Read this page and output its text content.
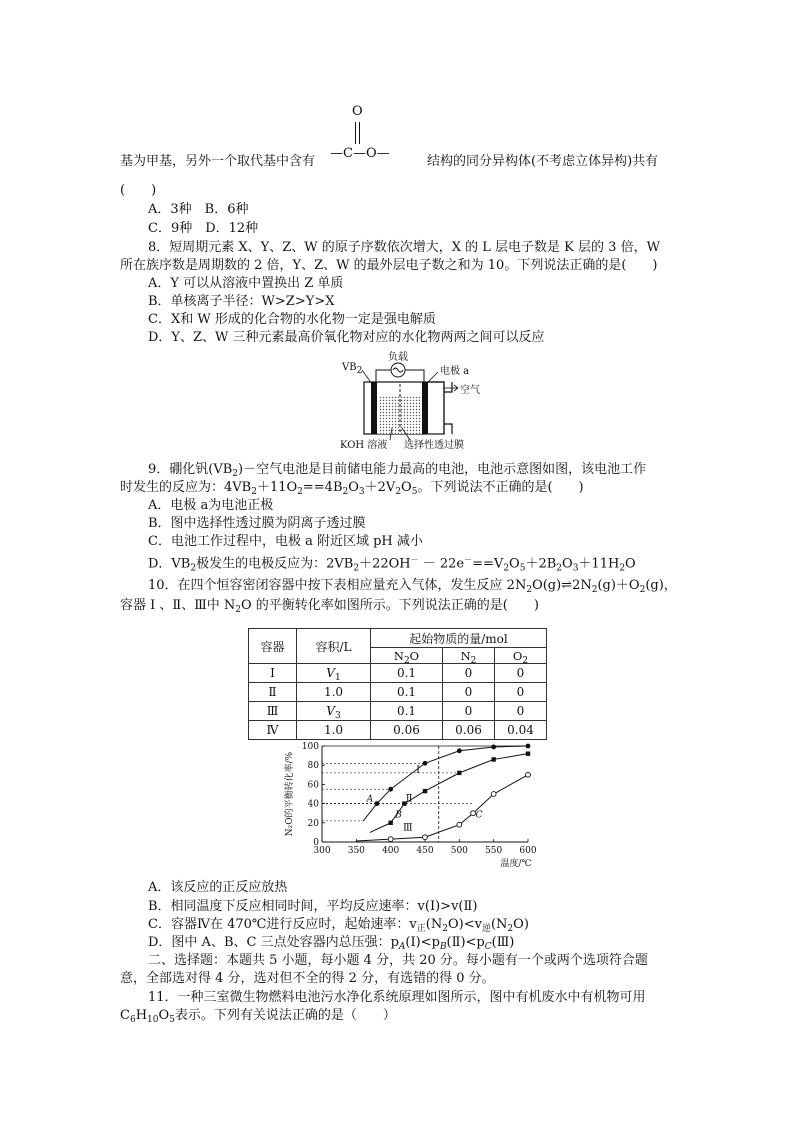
O
—C—O—
基为甲基，另外一个取代基中含有	结构的同分异构体(不考虑立体异构)共有
(　　)
A．3种　B．6种
C．9种　D．12种
8．短周期元素 X、Y、Z、W 的原子序数依次增大，X 的 L 层电子数是 K 层的 3 倍，W
所在族序数是周期数的 2 倍，Y、Z、W 的最外层电子数之和为 10。下列说法正确的是(　　)
A．Y 可以从溶液中置换出 Z 单质
B．单核离子半径：W>Z>Y>X
C．X和 W 形成的化合物的水化物一定是强电解质
D．Y、Z、W 三种元素最高价氧化物对应的水化物两两之间可以反应
负载
$VB_2$	电极 a
空气
KOH 溶液 选择性透过膜
9．硼化钒$(VB_2)-$空气电池是目前储电能力最高的电池，电池示意图如图，该电池工作
时发生的反应为：$4VB_2+11O_2==4B_2O_3+2V_2O_5$。下列说法不正确的是(　　)
A．电极 a为电池正极
B．图中选择性透过膜为阴离子透过膜
C．电池工作过程中，电极 a 附近区域 pH 减小
D．$VB_2$极发生的电极反应为：$2VB_2+22OH^- - 22e^-==V_2O_5+2B_2O_3+11H_2O$
10．在四个恒容密闭容器中按下表相应量充入气体，发生反应 $2N_2O(g)\rightleftharpoons 2N_2(g)+O_2(g)$，
容器 Ⅰ 、Ⅱ、Ⅲ中 $N_2O$ 的平衡转化率如图所示。下列说法正确的是(　　)
容器	容积/L	起始物质的量/mol		
		$N_2O$	$N_2$	$O_2$
Ⅰ	$V_1$	0.1	0	0
Ⅱ	1.0	0.1	0	0
Ⅲ	$V_3$	0.1	0	0
Ⅳ	1.0	0.06	0.06	0.04
300 350 400 450 500 550 600
0
20
40
60
80
100
温度/℃
N₂O的平衡转化率/%	Ⅰ
Ⅱ
Ⅲ
A
B	C
A．该反应的正反应放热
B．相同温度下反应相同时间，平均反应速率：v(Ⅰ)>v(Ⅱ)
C．容器Ⅳ在 470℃进行反应时，起始速率：$v_正(N_2O)<v_逆(N_2O)$
D．图中 A、B、C 三点处容器内总压强：$p_A(Ⅰ)<p_B(Ⅱ)<p_C(Ⅲ)$
二、选择题：本题共 5 小题，每小题 4 分，共 20 分。每小题有一个或两个选项符合题
意，全部选对得 4 分，选对但不全的得 2 分，有选错的得 0 分。
11．一种三室微生物燃料电池污水净化系统原理如图所示，图中有机废水中有机物可用
$C_6H_{10}O_5$表示。下列有关说法正确的是（　　）
